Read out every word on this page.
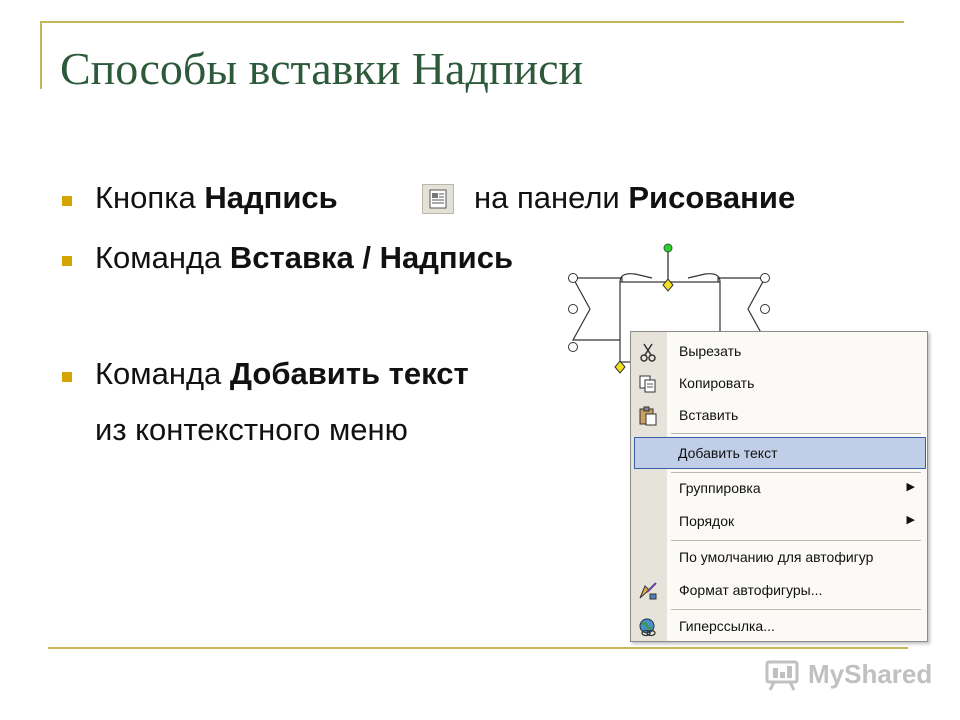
Способы вставки Надписи
Кнопка Надпись	на панели Рисование
Команда Вставка / Надпись
Команда Добавить текст
из контекстного меню
Вырезать
Копировать
Вставить
Добавить текст
Группировка	▶
Порядок	▶
По умолчанию для автофигур
Формат автофигуры...
Гиперссылка...
MyShared
